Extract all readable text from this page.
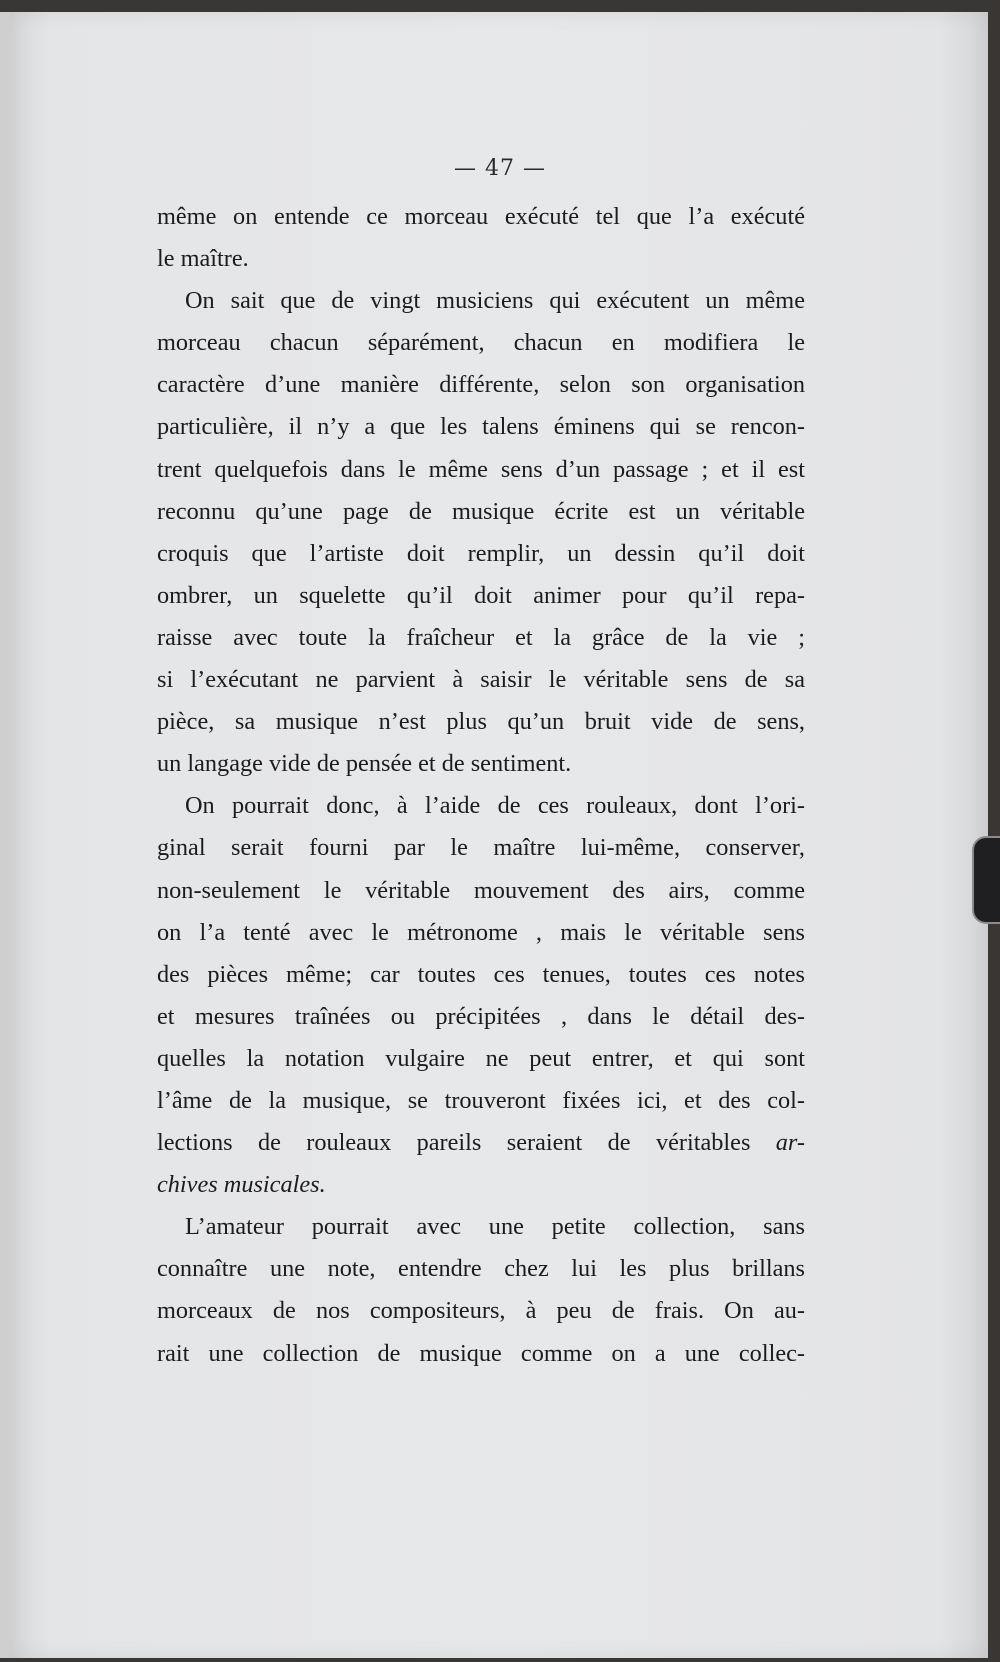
— 47 —
même on entende ce morceau exécuté tel que l’a exécuté
le maître.
On sait que de vingt musiciens qui exécutent un même
morceau chacun séparément, chacun en modifiera le
caractère d’une manière différente, selon son organisation
particulière, il n’y a que les talens éminens qui se rencon-
trent quelquefois dans le même sens d’un passage ; et il est
reconnu qu’une page de musique écrite est un véritable
croquis que l’artiste doit remplir, un dessin qu’il doit
ombrer, un squelette qu’il doit animer pour qu’il repa-
raisse avec toute la fraîcheur et la grâce de la vie ;
si l’exécutant ne parvient à saisir le véritable sens de sa
pièce, sa musique n’est plus qu’un bruit vide de sens,
un langage vide de pensée et de sentiment.
On pourrait donc, à l’aide de ces rouleaux, dont l’ori-
ginal serait fourni par le maître lui-même, conserver,
non-seulement le véritable mouvement des airs, comme
on l’a tenté avec le métronome , mais le véritable sens
des pièces même; car toutes ces tenues, toutes ces notes
et mesures traînées ou précipitées , dans le détail des-
quelles la notation vulgaire ne peut entrer, et qui sont
l’âme de la musique, se trouveront fixées ici, et des col-
lections de rouleaux pareils seraient de véritables ar-
chives musicales.
L’amateur pourrait avec une petite collection, sans
connaître une note, entendre chez lui les plus brillans
morceaux de nos compositeurs, à peu de frais. On au-
rait une collection de musique comme on a une collec-
